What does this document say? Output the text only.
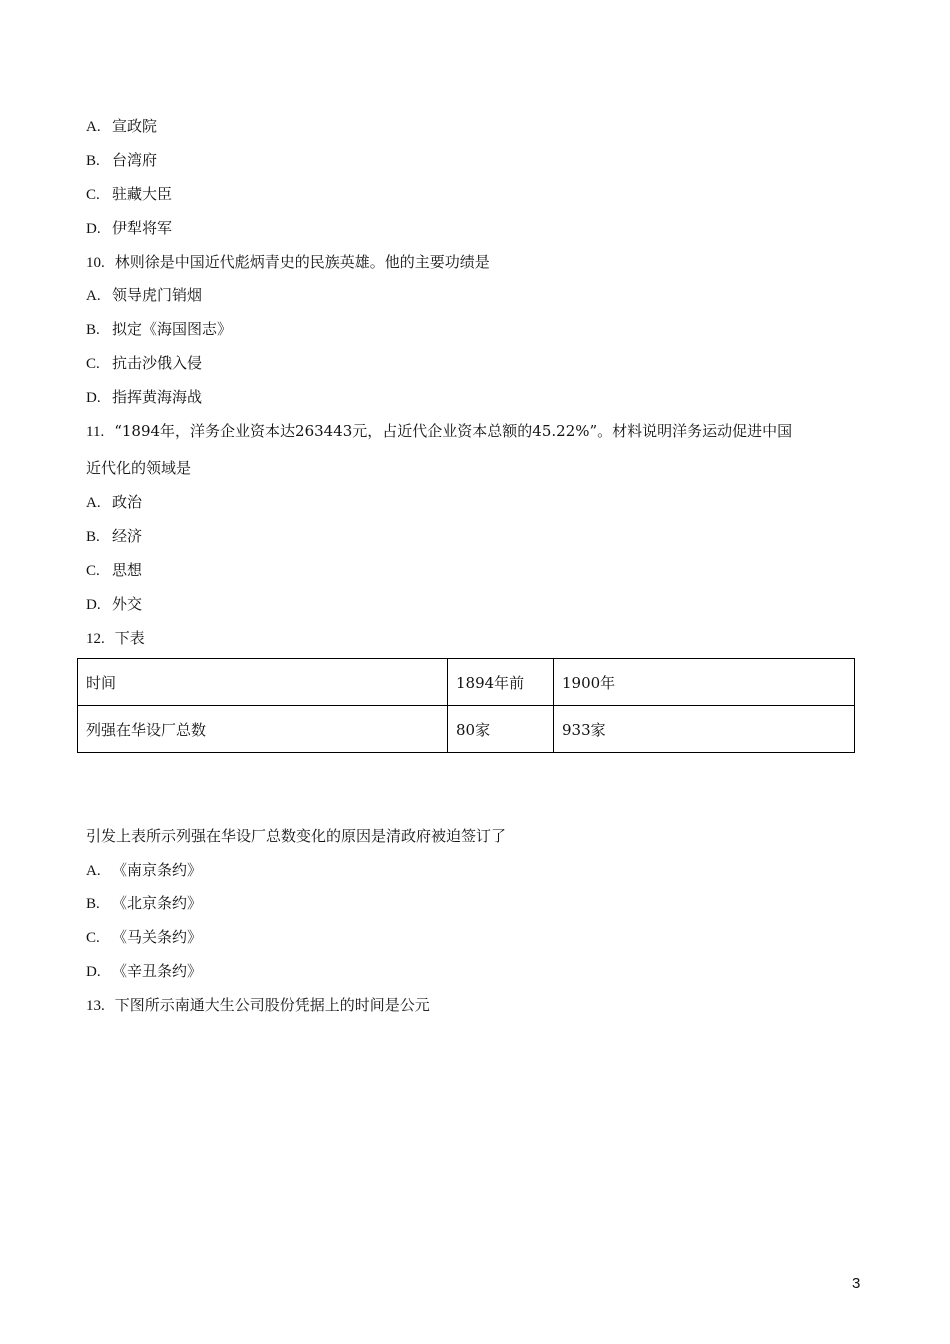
A. 宣政院
B. 台湾府
C. 驻藏大臣
D. 伊犁将军
10. 林则徐是中国近代彪炳青史的民族英雄。他的主要功绩是
A. 领导虎门销烟
B. 拟定《海国图志》
C. 抗击沙俄入侵
D. 指挥黄海海战
11. “1894年，洋务企业资本达263443元，占近代企业资本总额的45.22%”。材料说明洋务运动促进中国
近代化的领域是
A. 政治
B. 经济
C. 思想
D. 外交
12. 下表
时间	1894年前	1900年
列强在华设厂总数	80家	933家
引发上表所示列强在华设厂总数变化的原因是清政府被迫签订了
A. 《南京条约》
B. 《北京条约》
C. 《马关条约》
D. 《辛丑条约》
13. 下图所示南通大生公司股份凭据上的时间是公元
3
